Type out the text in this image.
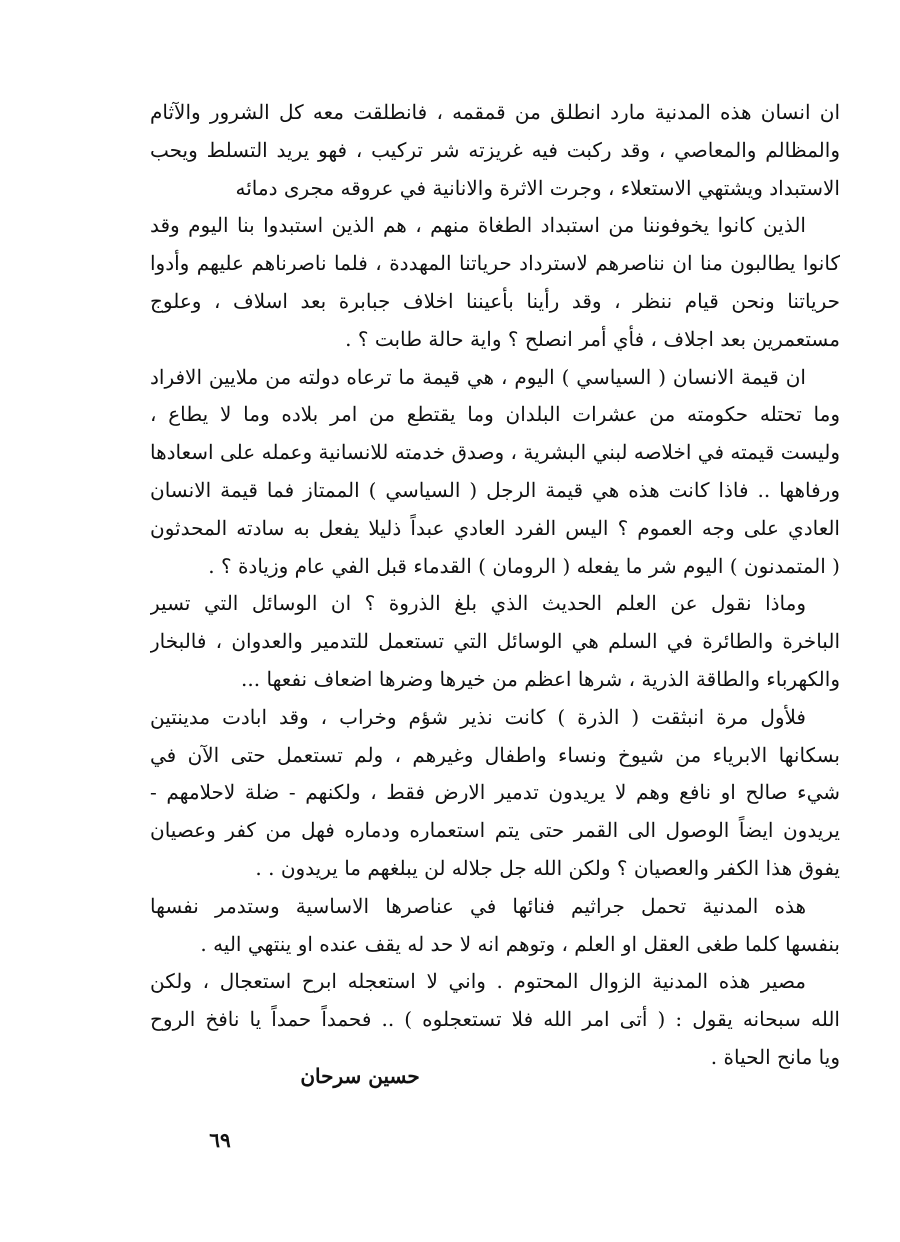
ان انسان هذه المدنية مارد انطلق من قمقمه ، فانطلقت معه كل الشرور والآثام
والمظالم والمعاصي ، وقد ركبت فيه غريزته شر تركيب ، فهو يريد التسلط ويحب
الاستبداد ويشتهي الاستعلاء ، وجرت الاثرة والانانية في عروقه مجرى دمائه
الذين كانوا يخوفوننا من استبداد الطغاة منهم ، هم الذين استبدوا بنا اليوم وقد
كانوا يطالبون منا ان نناصرهم لاسترداد حرياتنا المهددة ، فلما ناصرناهم عليهم وأدوا
حرياتنا ونحن قيام ننظر ، وقد رأينا بأعيننا اخلاف جبابرة بعد اسلاف ، وعلوج
مستعمرين بعد اجلاف ، فأي أمر انصلح ؟ واية حالة طابت ؟ .
ان قيمة الانسان ( السياسي ) اليوم ، هي قيمة ما ترعاه دولته من ملايين الافراد
وما تحتله حكومته من عشرات البلدان وما يقتطع من امر بلاده وما لا يطاع ،
وليست قيمته في اخلاصه لبني البشرية ، وصدق خدمته للانسانية وعمله على اسعادها
ورفاهها .. فاذا كانت هذه هي قيمة الرجل ( السياسي ) الممتاز فما قيمة الانسان
العادي على وجه العموم ؟ اليس الفرد العادي عبداً ذليلا يفعل به سادته المحدثون
( المتمدنون ) اليوم شر ما يفعله ( الرومان ) القدماء قبل الفي عام وزيادة ؟ .
وماذا نقول عن العلم الحديث الذي بلغ الذروة ؟ ان الوسائل التي تسير
الباخرة والطائرة في السلم هي الوسائل التي تستعمل للتدمير والعدوان ، فالبخار
والكهرباء والطاقة الذرية ، شرها اعظم من خيرها وضرها اضعاف نفعها ...
فلأول مرة انبثقت ( الذرة ) كانت نذير شؤم وخراب ، وقد ابادت مدينتين
بسكانها الابرياء من شيوخ ونساء واطفال وغيرهم ، ولم تستعمل حتى الآن في
شيء صالح او نافع وهم لا يريدون تدمير الارض فقط ، ولكنهم - ضلة لاحلامهم -
يريدون ايضاً الوصول الى القمر حتى يتم استعماره ودماره فهل من كفر وعصيان
يفوق هذا الكفر والعصيان ؟ ولكن الله جل جلاله لن يبلغهم ما يريدون . .
هذه المدنية تحمل جراثيم فنائها في عناصرها الاساسية وستدمر نفسها
بنفسها كلما طغى العقل او العلم ، وتوهم انه لا حد له يقف عنده او ينتهي اليه .
مصير هذه المدنية الزوال المحتوم . واني لا استعجله ابرح استعجال ، ولكن
الله سبحانه يقول : ( أتى امر الله فلا تستعجلوه ) .. فحمداً حمداً يا نافخ الروح
ويا مانح الحياة .
حسين سرحان
٦٩
